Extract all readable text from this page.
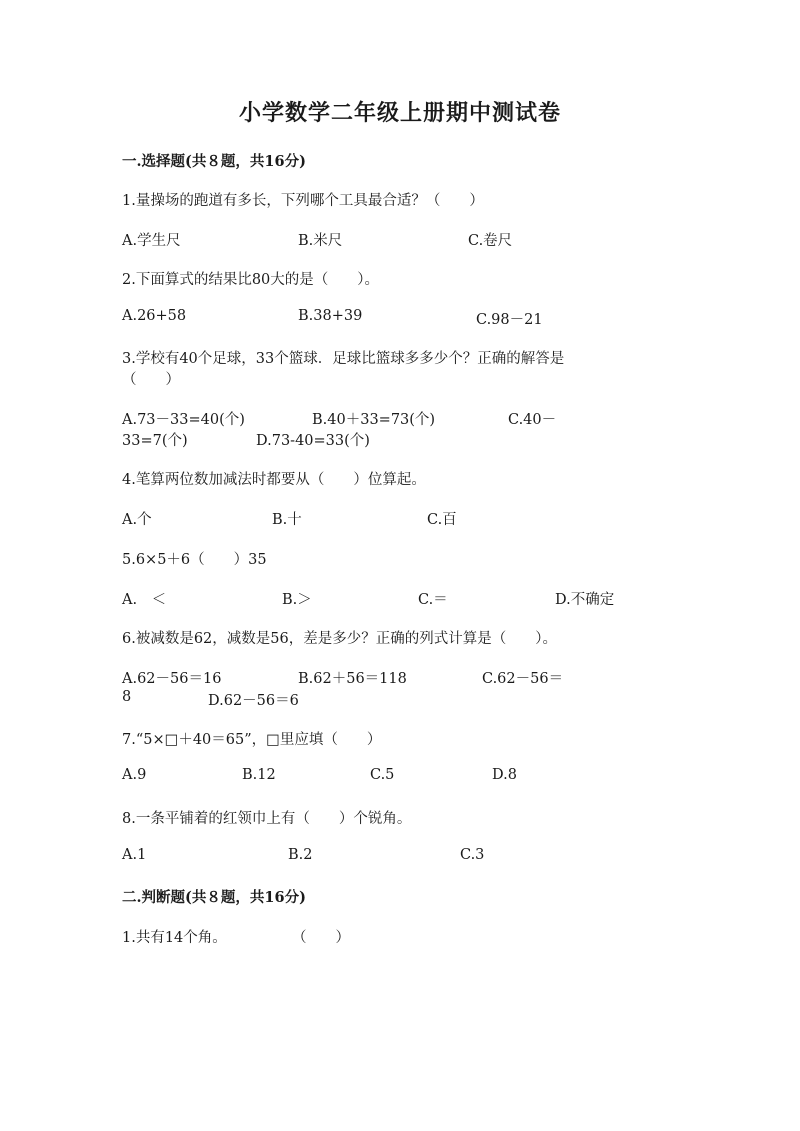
小学数学二年级上册期中测试卷
一.选择题(共８题，共16分)
1.量操场的跑道有多长，下列哪个工具最合适？（　　）
A.学生尺	B.米尺	C.卷尺
2.下面算式的结果比80大的是（　　）。
A.26+58	B.38+39	C.98－21
3.学校有40个足球，33个篮球．足球比篮球多多少个？正确的解答是
（　　）
A.73－33=40(个)	B.40＋33=73(个)	C.40－
33=7(个)	D.73-40=33(个)
4.笔算两位数加减法时都要从（　　）位算起。
A.个	B.十	C.百
5.6×5＋6（　　）35
A.　＜	B.＞	C.＝	D.不确定
6.被减数是62，减数是56，差是多少？正确的列式计算是（　　）。
A.62－56＝16	B.62＋56＝118	C.62－56＝
8	D.62－56＝6
7.“5×□＋40＝65”，□里应填（　　）
A.9	B.12	C.5	D.8
8.一条平铺着的红领巾上有（　　）个锐角。
A.1	B.2	C.3
二.判断题(共８题，共16分)
1.共有14个角。	（　　）
